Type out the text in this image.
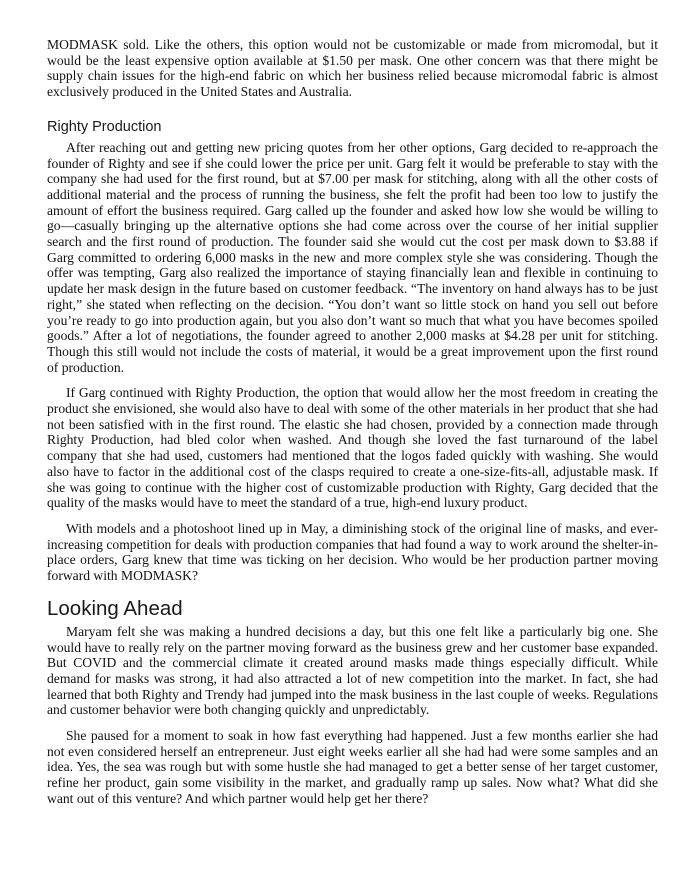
MODMASK sold. Like the others, this option would not be customizable or made from micromodal, but it would be the least expensive option available at $1.50 per mask. One other concern was that there might be supply chain issues for the high-end fabric on which her business relied because micromodal fabric is almost exclusively produced in the United States and Australia.

Righty Production

After reaching out and getting new pricing quotes from her other options, Garg decided to re-approach the founder of Righty and see if she could lower the price per unit. Garg felt it would be preferable to stay with the company she had used for the first round, but at $7.00 per mask for stitching, along with all the other costs of additional material and the process of running the business, she felt the profit had been too low to justify the amount of effort the business required. Garg called up the founder and asked how low she would be willing to go—casually bringing up the alternative options she had come across over the course of her initial supplier search and the first round of production. The founder said she would cut the cost per mask down to $3.88 if Garg committed to ordering 6,000 masks in the new and more complex style she was considering. Though the offer was tempting, Garg also realized the importance of staying financially lean and flexible in continuing to update her mask design in the future based on customer feedback. “The inventory on hand always has to be just right,” she stated when reflecting on the decision. “You don’t want so little stock on hand you sell out before you’re ready to go into production again, but you also don’t want so much that what you have becomes spoiled goods.” After a lot of negotiations, the founder agreed to another 2,000 masks at $4.28 per unit for stitching. Though this still would not include the costs of material, it would be a great improvement upon the first round of production.

If Garg continued with Righty Production, the option that would allow her the most freedom in creating the product she envisioned, she would also have to deal with some of the other materials in her product that she had not been satisfied with in the first round. The elastic she had chosen, provided by a connection made through Righty Production, had bled color when washed. And though she loved the fast turnaround of the label company that she had used, customers had mentioned that the logos faded quickly with washing. She would also have to factor in the additional cost of the clasps required to create a one-size-fits-all, adjustable mask. If she was going to continue with the higher cost of customizable production with Righty, Garg decided that the quality of the masks would have to meet the standard of a true, high-end luxury product.

With models and a photoshoot lined up in May, a diminishing stock of the original line of masks, and ever-increasing competition for deals with production companies that had found a way to work around the shelter-in-place orders, Garg knew that time was ticking on her decision. Who would be her production partner moving forward with MODMASK?

Looking Ahead

Maryam felt she was making a hundred decisions a day, but this one felt like a particularly big one. She would have to really rely on the partner moving forward as the business grew and her customer base expanded. But COVID and the commercial climate it created around masks made things especially difficult. While demand for masks was strong, it had also attracted a lot of new competition into the market. In fact, she had learned that both Righty and Trendy had jumped into the mask business in the last couple of weeks. Regulations and customer behavior were both changing quickly and unpredictably.

She paused for a moment to soak in how fast everything had happened. Just a few months earlier she had not even considered herself an entrepreneur. Just eight weeks earlier all she had had were some samples and an idea. Yes, the sea was rough but with some hustle she had managed to get a better sense of her target customer, refine her product, gain some visibility in the market, and gradually ramp up sales. Now what? What did she want out of this venture? And which partner would help get her there?
